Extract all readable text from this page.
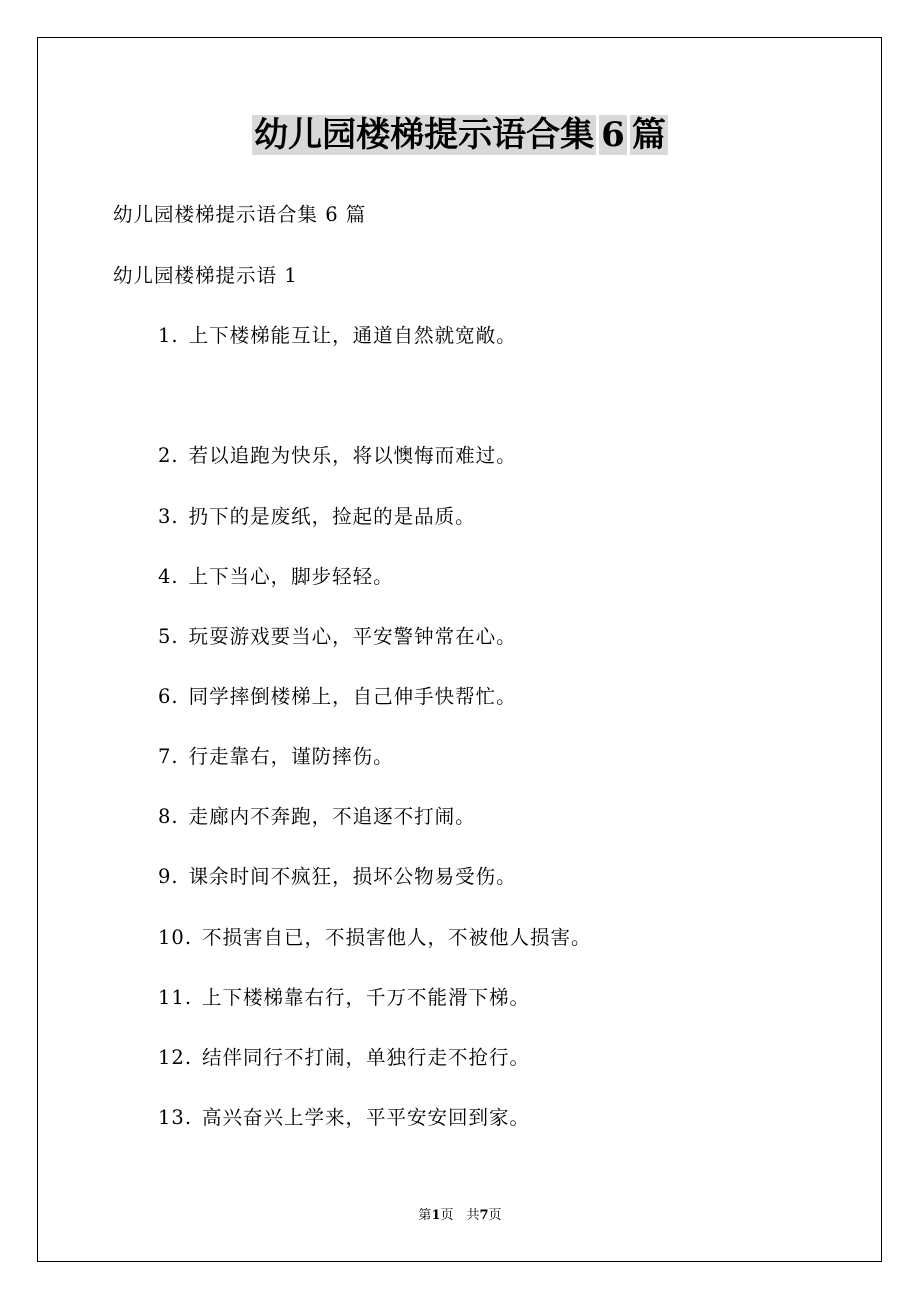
幼儿园楼梯提示语合集 6 篇

幼儿园楼梯提示语合集 6 篇

幼儿园楼梯提示语 1

1. 上下楼梯能互让，通道自然就宽敞。

2. 若以追跑为快乐，将以懊悔而难过。

3. 扔下的是废纸，捡起的是品质。

4. 上下当心，脚步轻轻。

5. 玩耍游戏要当心，平安警钟常在心。

6. 同学摔倒楼梯上，自己伸手快帮忙。

7. 行走靠右，谨防摔伤。

8. 走廊内不奔跑，不追逐不打闹。

9. 课余时间不疯狂，损坏公物易受伤。

10. 不损害自已，不损害他人，不被他人损害。

11. 上下楼梯靠右行，千万不能滑下梯。

12. 结伴同行不打闹，单独行走不抢行。

13. 高兴奋兴上学来，平平安安回到家。

第1页　共7页
